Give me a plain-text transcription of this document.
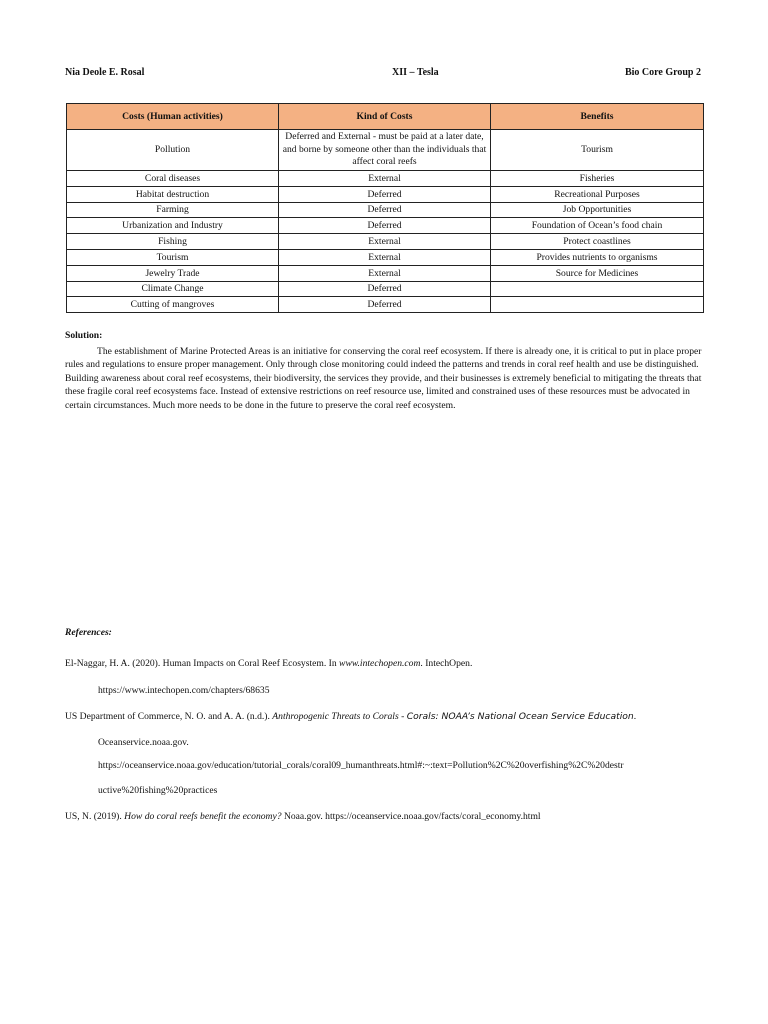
Nia Deole E. Rosal	XII – Tesla	Bio Core Group 2
Costs (Human activities)	Kind of Costs	Benefits
Pollution	Deferred and External - must be paid at a later date, and borne by someone other than the individuals that affect coral reefs	Tourism
Coral diseases	External	Fisheries
Habitat destruction	Deferred	Recreational Purposes
Farming	Deferred	Job Opportunities
Urbanization and Industry	Deferred	Foundation of Ocean’s food chain
Fishing	External	Protect coastlines
Tourism	External	Provides nutrients to organisms
Jewelry Trade	External	Source for Medicines
Climate Change	Deferred	
Cutting of mangroves	Deferred	
Solution:

The establishment of Marine Protected Areas is an initiative for conserving the coral reef ecosystem. If there is already one, it is critical to put in place proper rules and regulations to ensure proper management. Only through close monitoring could indeed the patterns and trends in coral reef health and use be distinguished. Building awareness about coral reef ecosystems, their biodiversity, the services they provide, and their businesses is extremely beneficial to mitigating the threats that these fragile coral reef ecosystems face. Instead of extensive restrictions on reef resource use, limited and constrained uses of these resources must be advocated in certain circumstances. Much more needs to be done in the future to preserve the coral reef ecosystem.

References:
El-Naggar, H. A. (2020). Human Impacts on Coral Reef Ecosystem. In www.intechopen.com. IntechOpen.
https://www.intechopen.com/chapters/68635
US Department of Commerce, N. O. and A. A. (n.d.). Anthropogenic Threats to Corals - Corals: NOAA’s National Ocean Service Education.
Oceanservice.noaa.gov.
https://oceanservice.noaa.gov/education/tutorial_corals/coral09_humanthreats.html#:~:text=Pollution%2C%20overfishing%2C%20destr
uctive%20fishing%20practices
US, N. (2019). How do coral reefs benefit the economy? Noaa.gov. https://oceanservice.noaa.gov/facts/coral_economy.html
